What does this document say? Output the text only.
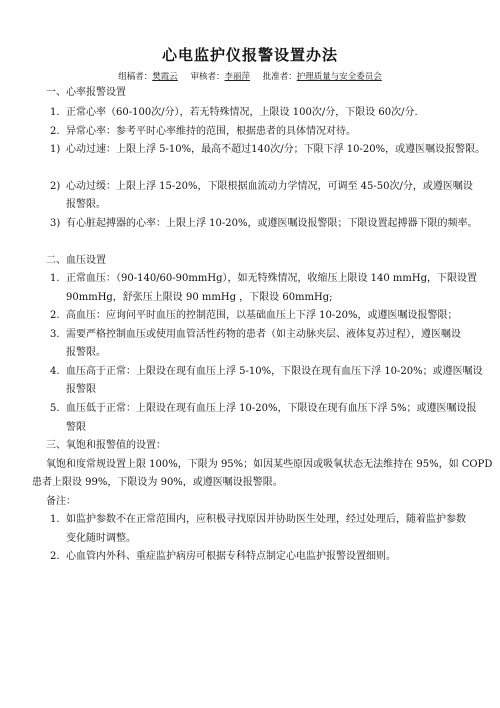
心电监护仪报警设置办法
组稿者：樊霞云 审核者：李丽萍 批准者：护理质量与安全委员会
一、心率报警设置
1. 正常心率（60-100次/分），若无特殊情况，上限设 100次/分，下限设 60次/分.
2. 异常心率：参考平时心率维持的范围，根据患者的具体情况对待。
1) 心动过速：上限上浮 5-10%，最高不超过140次/分；下限下浮 10-20%，或遵医嘱设报警限。
2) 心动过缓：上限上浮 15-20%，下限根据血流动力学情况，可调至 45-50次/分，或遵医嘱设
报警限。
3) 有心脏起搏器的心率：上限上浮 10-20%，或遵医嘱设报警限；下限设置起搏器下限的频率。
二、血压设置
1. 正常血压：（90-140/60-90mmHg），如无特殊情况，收缩压上限设 140 mmHg，下限设置
90mmHg，舒张压上限设 90 mmHg ，下限设 60mmHg;
2. 高血压：应询问平时血压的控制范围，以基础血压上下浮 10-20%，或遵医嘱设报警限；
3. 需要严格控制血压或使用血管活性药物的患者（如主动脉夹层、液体复苏过程），遵医嘱设
报警限。
4. 血压高于正常：上限设在现有血压上浮 5-10%，下限设在现有血压下浮 10-20%；或遵医嘱设
报警限
5. 血压低于正常：上限设在现有血压上浮 10-20%，下限设在现有血压下浮 5%；或遵医嘱设报
警限
三、氧饱和报警值的设置：
氧饱和度常规设置上限 100%，下限为 95%；如因某些原因或吸氧状态无法维持在 95%，如 COPD
患者上限设 99%，下限设为 90%，或遵医嘱设报警限。
备注：
1. 如监护参数不在正常范围内，应积极寻找原因并协助医生处理，经过处理后，随着监护参数
变化随时调整。
2. 心血管内外科、重症监护病房可根据专科特点制定心电监护报警设置细则。
